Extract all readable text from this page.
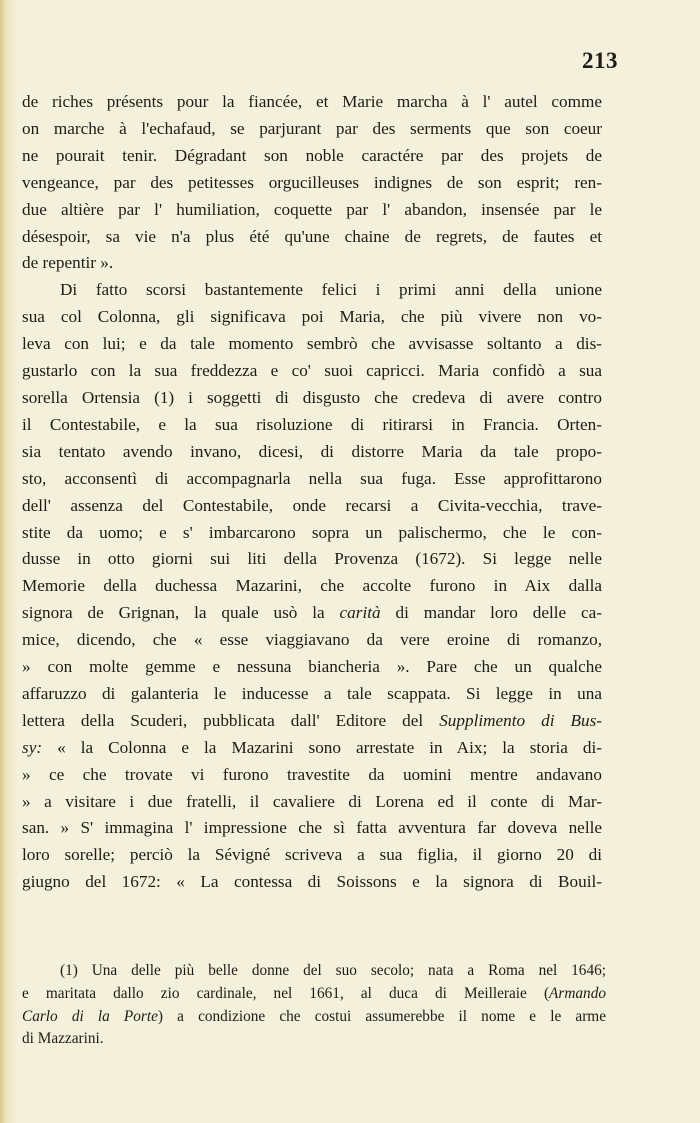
213
de riches présents pour la fiancée, et Marie marcha à l' autel comme
on marche à l'echafaud, se parjurant par des serments que son coeur
ne pourait tenir. Dégradant son noble caractére par des projets de
vengeance, par des petitesses orgucilleuses indignes de son esprit; ren-
due altière par l' humiliation, coquette par l' abandon, insensée par le
désespoir, sa vie n'a plus été qu'une chaine de regrets, de fautes et
de repentir ».
Di fatto scorsi bastantemente felici i primi anni della unione
sua col Colonna, gli significava poi Maria, che più vivere non vo-
leva con lui; e da tale momento sembrò che avvisasse soltanto a dis-
gustarlo con la sua freddezza e co' suoi capricci. Maria confidò a sua
sorella Ortensia (1) i soggetti di disgusto che credeva di avere contro
il Contestabile, e la sua risoluzione di ritirarsi in Francia. Orten-
sia tentato avendo invano, dicesi, di distorre Maria da tale propo-
sto, acconsentì di accompagnarla nella sua fuga. Esse approfittarono
dell' assenza del Contestabile, onde recarsi a Civita-vecchia, trave-
stite da uomo; e s' imbarcarono sopra un palischermo, che le con-
dusse in otto giorni sui liti della Provenza (1672). Si legge nelle
Memorie della duchessa Mazarini, che accolte furono in Aix dalla
signora de Grignan, la quale usò la carità di mandar loro delle ca-
mice, dicendo, che « esse viaggiavano da vere eroine di romanzo,
» con molte gemme e nessuna biancheria ». Pare che un qualche
affaruzzo di galanteria le inducesse a tale scappata. Si legge in una
lettera della Scuderi, pubblicata dall' Editore del Supplimento di Bus-
sy: « la Colonna e la Mazarini sono arrestate in Aix; la storia di-
» ce che trovate vi furono travestite da uomini mentre andavano
» a visitare i due fratelli, il cavaliere di Lorena ed il conte di Mar-
san. » S' immagina l' impressione che sì fatta avventura far doveva nelle
loro sorelle; perciò la Sévigné scriveva a sua figlia, il giorno 20 di
giugno del 1672: « La contessa di Soissons e la signora di Bouil-
(1) Una delle più belle donne del suo secolo; nata a Roma nel 1646;
e maritata dallo zio cardinale, nel 1661, al duca di Meilleraie (Armando
Carlo di la Porte) a condizione che costui assumerebbe il nome e le arme
di Mazzarini.
